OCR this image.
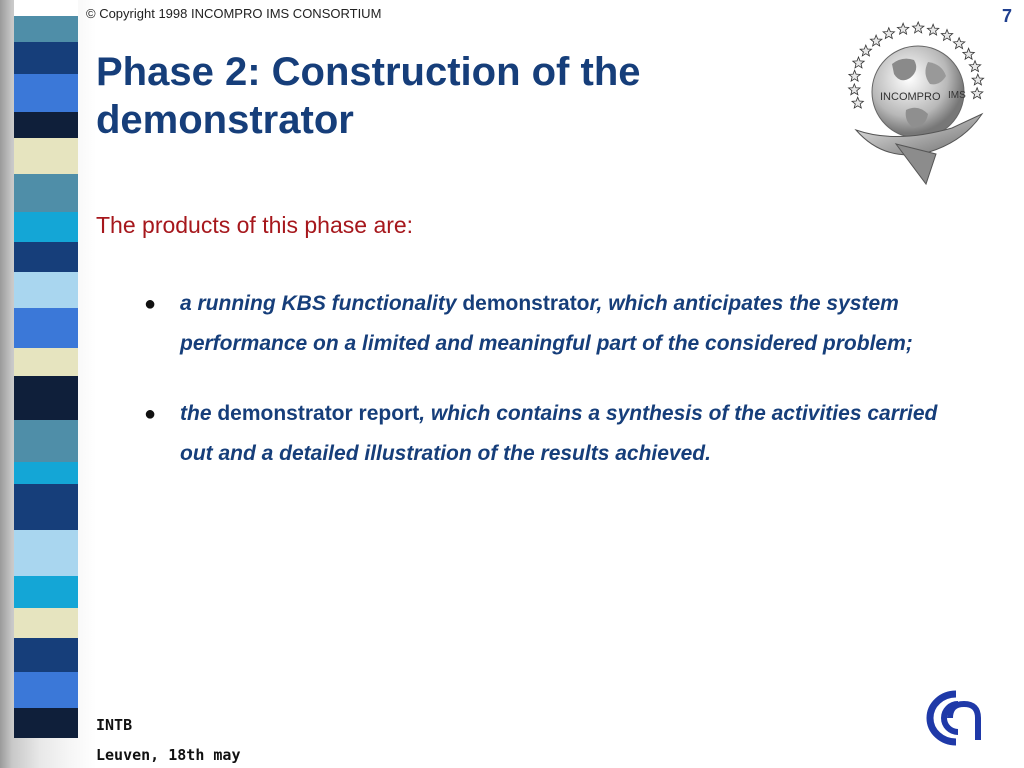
© Copyright 1998 INCOMPRO IMS CONSORTIUM	7
Phase 2: Construction of the
demonstrator
The products of this phase are:
● a running KBS functionality demonstrator, which anticipates the system performance on a limited and meaningful part of the considered problem;
● the demonstrator report, which contains a synthesis of the activities carried out and a detailed illustration of the results achieved.
INTB
Leuven, 18th may
INCOMPRO IMS
